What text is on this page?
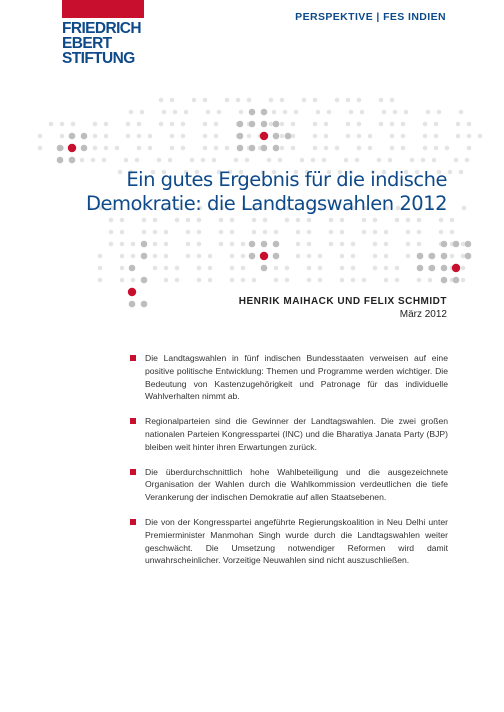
FRIEDRICH
EBERT
STIFTUNG
PERSPEKTIVE | FES INDIEN
Ein gutes Ergebnis für die indische
Demokratie: die Landtagswahlen 2012
HENRIK MAIHACK UND FELIX SCHMIDT
März 2012
Die Landtagswahlen in fünf indischen Bundesstaaten verweisen auf eine positive politische Entwicklung: Themen und Programme werden wichtiger. Die Bedeutung von Kastenzugehörigkeit und Patronage für das individuelle Wahlverhalten nimmt ab.
Regionalparteien sind die Gewinner der Landtagswahlen. Die zwei großen nationalen Parteien Kongresspartei (INC) und die Bharatiya Janata Party (BJP) bleiben weit hinter ihren Erwartungen zurück.
Die überdurchschnittlich hohe Wahlbeteiligung und die ausgezeichnete Organisation der Wahlen durch die Wahlkommission verdeutlichen die tiefe Verankerung der indischen Demokratie auf allen Staatsebenen.
Die von der Kongresspartei angeführte Regierungskoalition in Neu Delhi unter Premierminister Manmohan Singh wurde durch die Landtagswahlen weiter geschwächt. Die Umsetzung notwendiger Reformen wird damit unwahrscheinlicher. Vorzeitige Neuwahlen sind nicht auszuschließen.
